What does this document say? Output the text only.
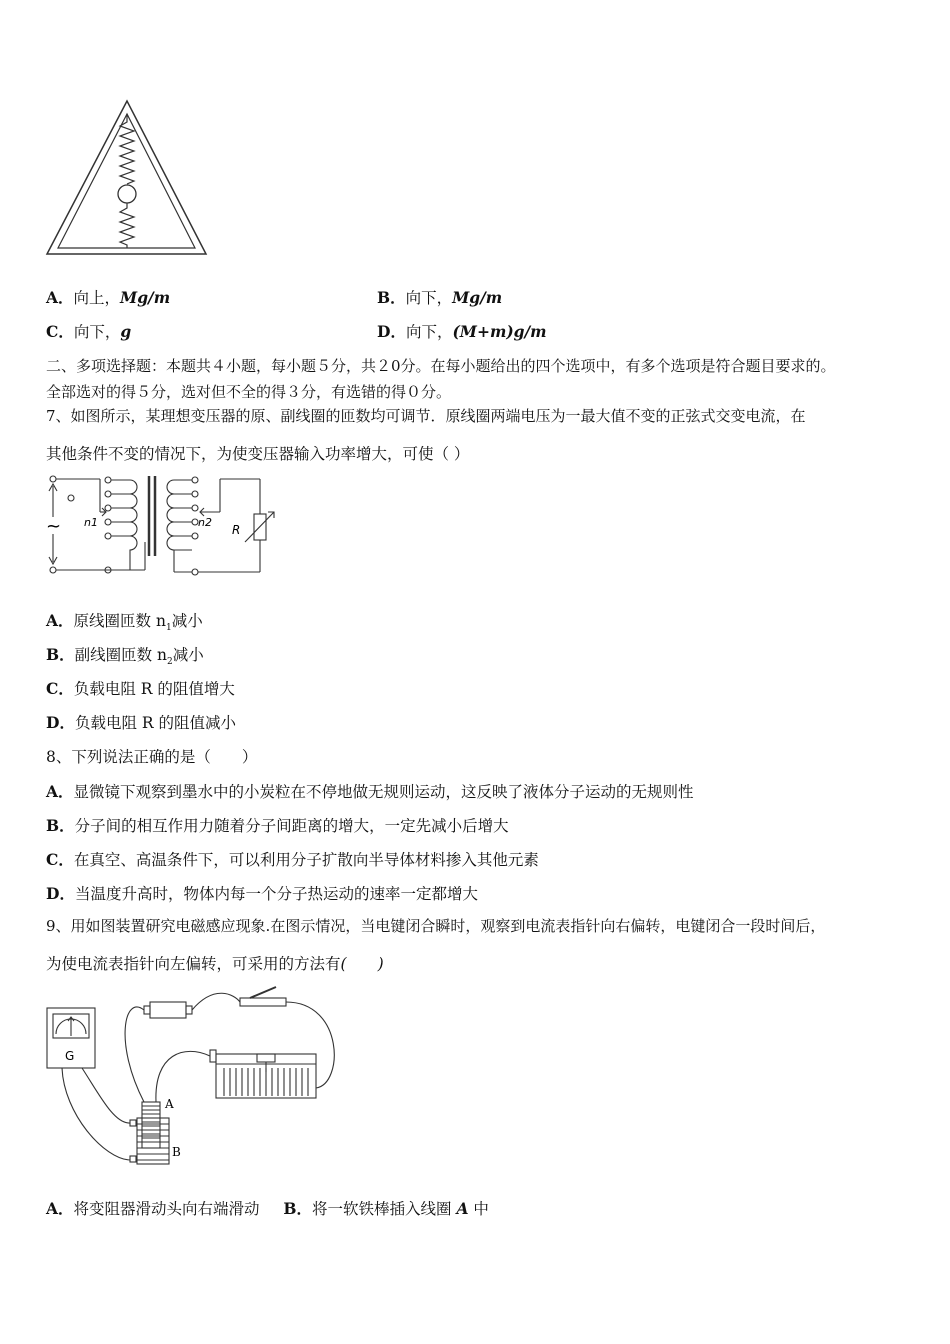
A．向上，Mg/m	B．向下，Mg/m
C．向下，g	D．向下，(M+m)g/m
二、多项选择题：本题共４小题，每小题５分，共２0分。在每小题给出的四个选项中，有多个选项是符合题目要求的。
全部选对的得５分，选对但不全的得３分，有选错的得０分。
7、如图所示，某理想变压器的原、副线圈的匝数均可调节．原线圈两端电压为一最大值不变的正弦式交变电流，在
其他条件不变的情况下，为使变压器输入功率增大，可使（ ）
~ n1	n2
R
A．原线圈匝数 $n_1$减小
B．副线圈匝数 $n_2$减小
C．负载电阻 R 的阻值增大
D．负载电阻 R 的阻值减小
8、下列说法正确的是（　　）
A．显微镜下观察到墨水中的小炭粒在不停地做无规则运动，这反映了液体分子运动的无规则性
B．分子间的相互作用力随着分子间距离的增大，一定先减小后增大
C．在真空、高温条件下，可以利用分子扩散向半导体材料掺入其他元素
D．当温度升高时，物体内每一个分子热运动的速率一定都增大
9、用如图装置研究电磁感应现象.在图示情况，当电键闭合瞬时，观察到电流表指针向右偏转，电键闭合一段时间后，
为使电流表指针向左偏转，可采用的方法有(　　)
G
A
B
A．将变阻器滑动头向右端滑动 B．将一软铁棒插入线圈 A 中
